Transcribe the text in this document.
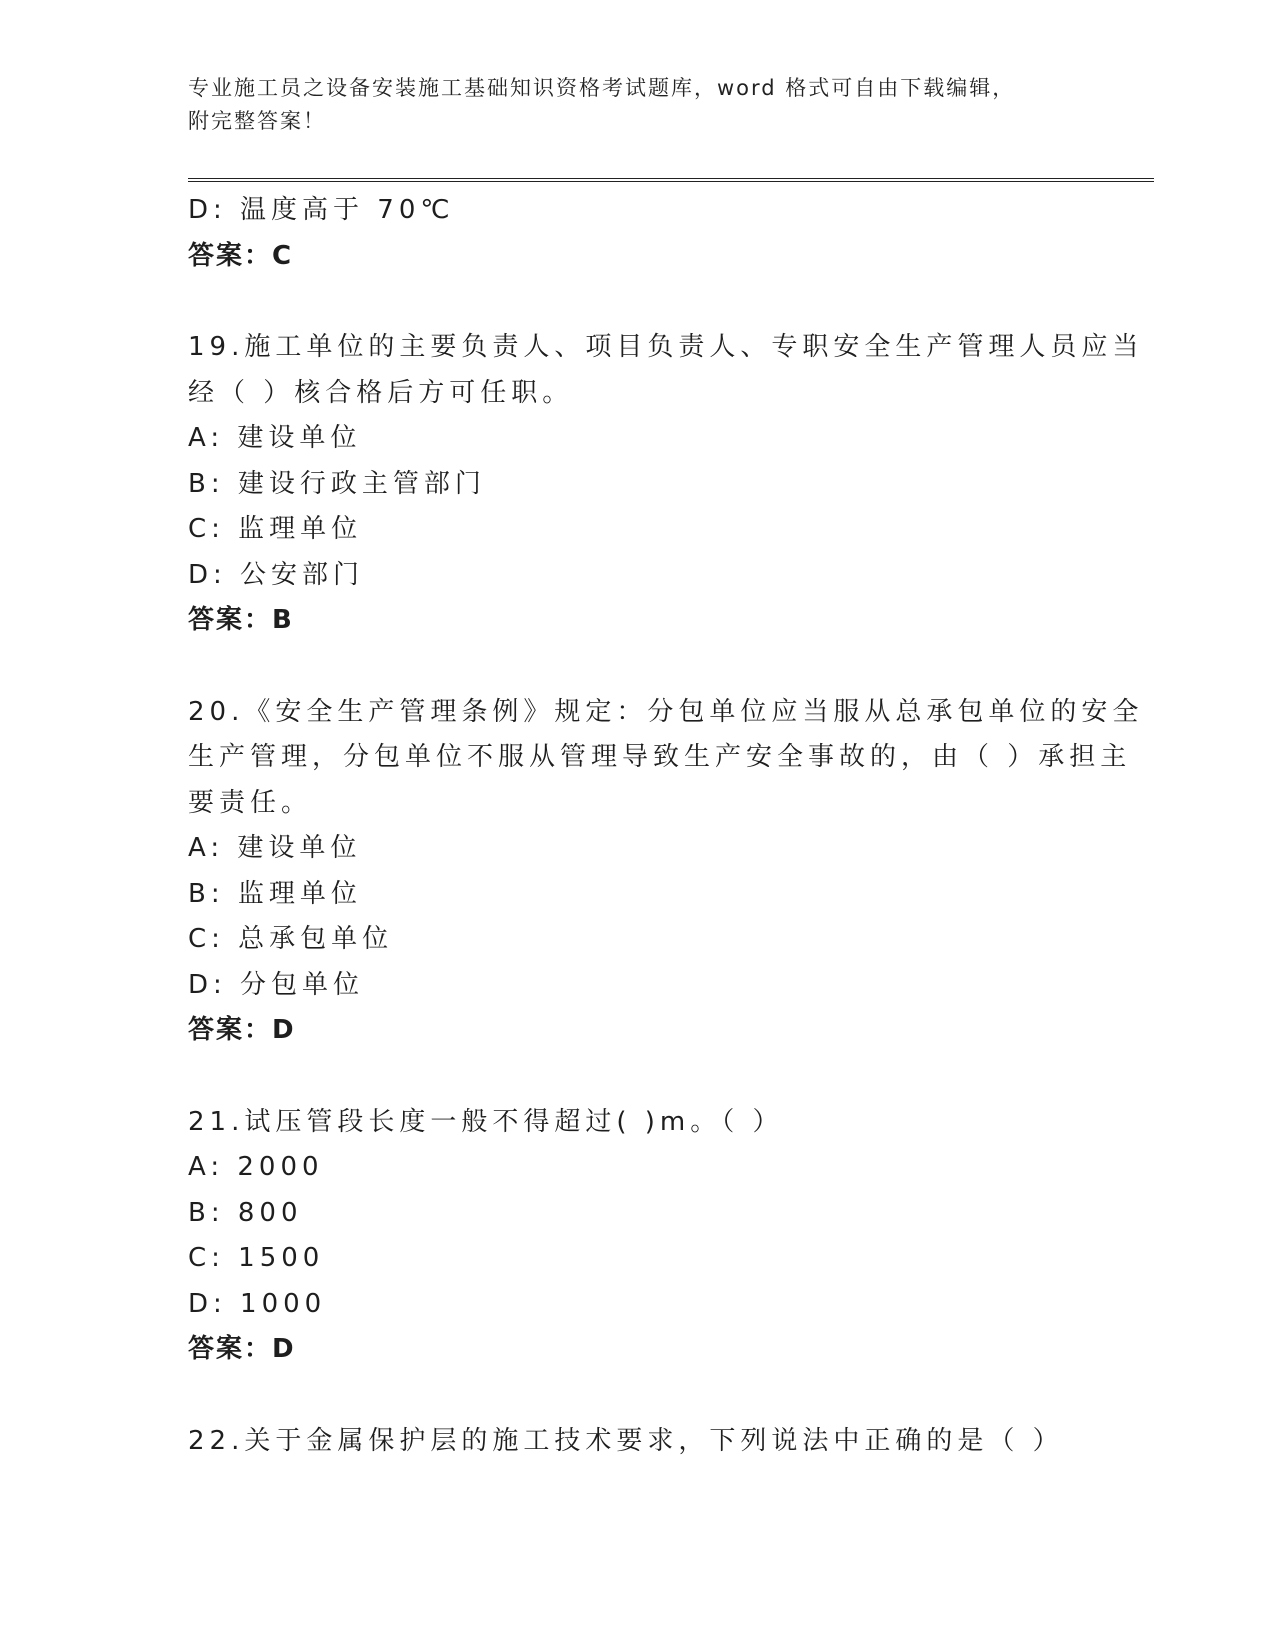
专业施工员之设备安装施工基础知识资格考试题库，word 格式可自由下载编辑，
附完整答案！
D: 温度高于 70℃
答案：C
19.施工单位的主要负责人、项目负责人、专职安全生产管理人员应当
经（ ）核合格后方可任职。
A: 建设单位
B: 建设行政主管部门
C: 监理单位
D: 公安部门
答案：B
20.《安全生产管理条例》规定：分包单位应当服从总承包单位的安全
生产管理，分包单位不服从管理导致生产安全事故的，由（ ）承担主
要责任。
A: 建设单位
B: 监理单位
C: 总承包单位
D: 分包单位
答案：D
21.试压管段长度一般不得超过( )m。（ ）
A: 2000
B: 800
C: 1500
D: 1000
答案：D
22.关于金属保护层的施工技术要求，下列说法中正确的是（ ）
